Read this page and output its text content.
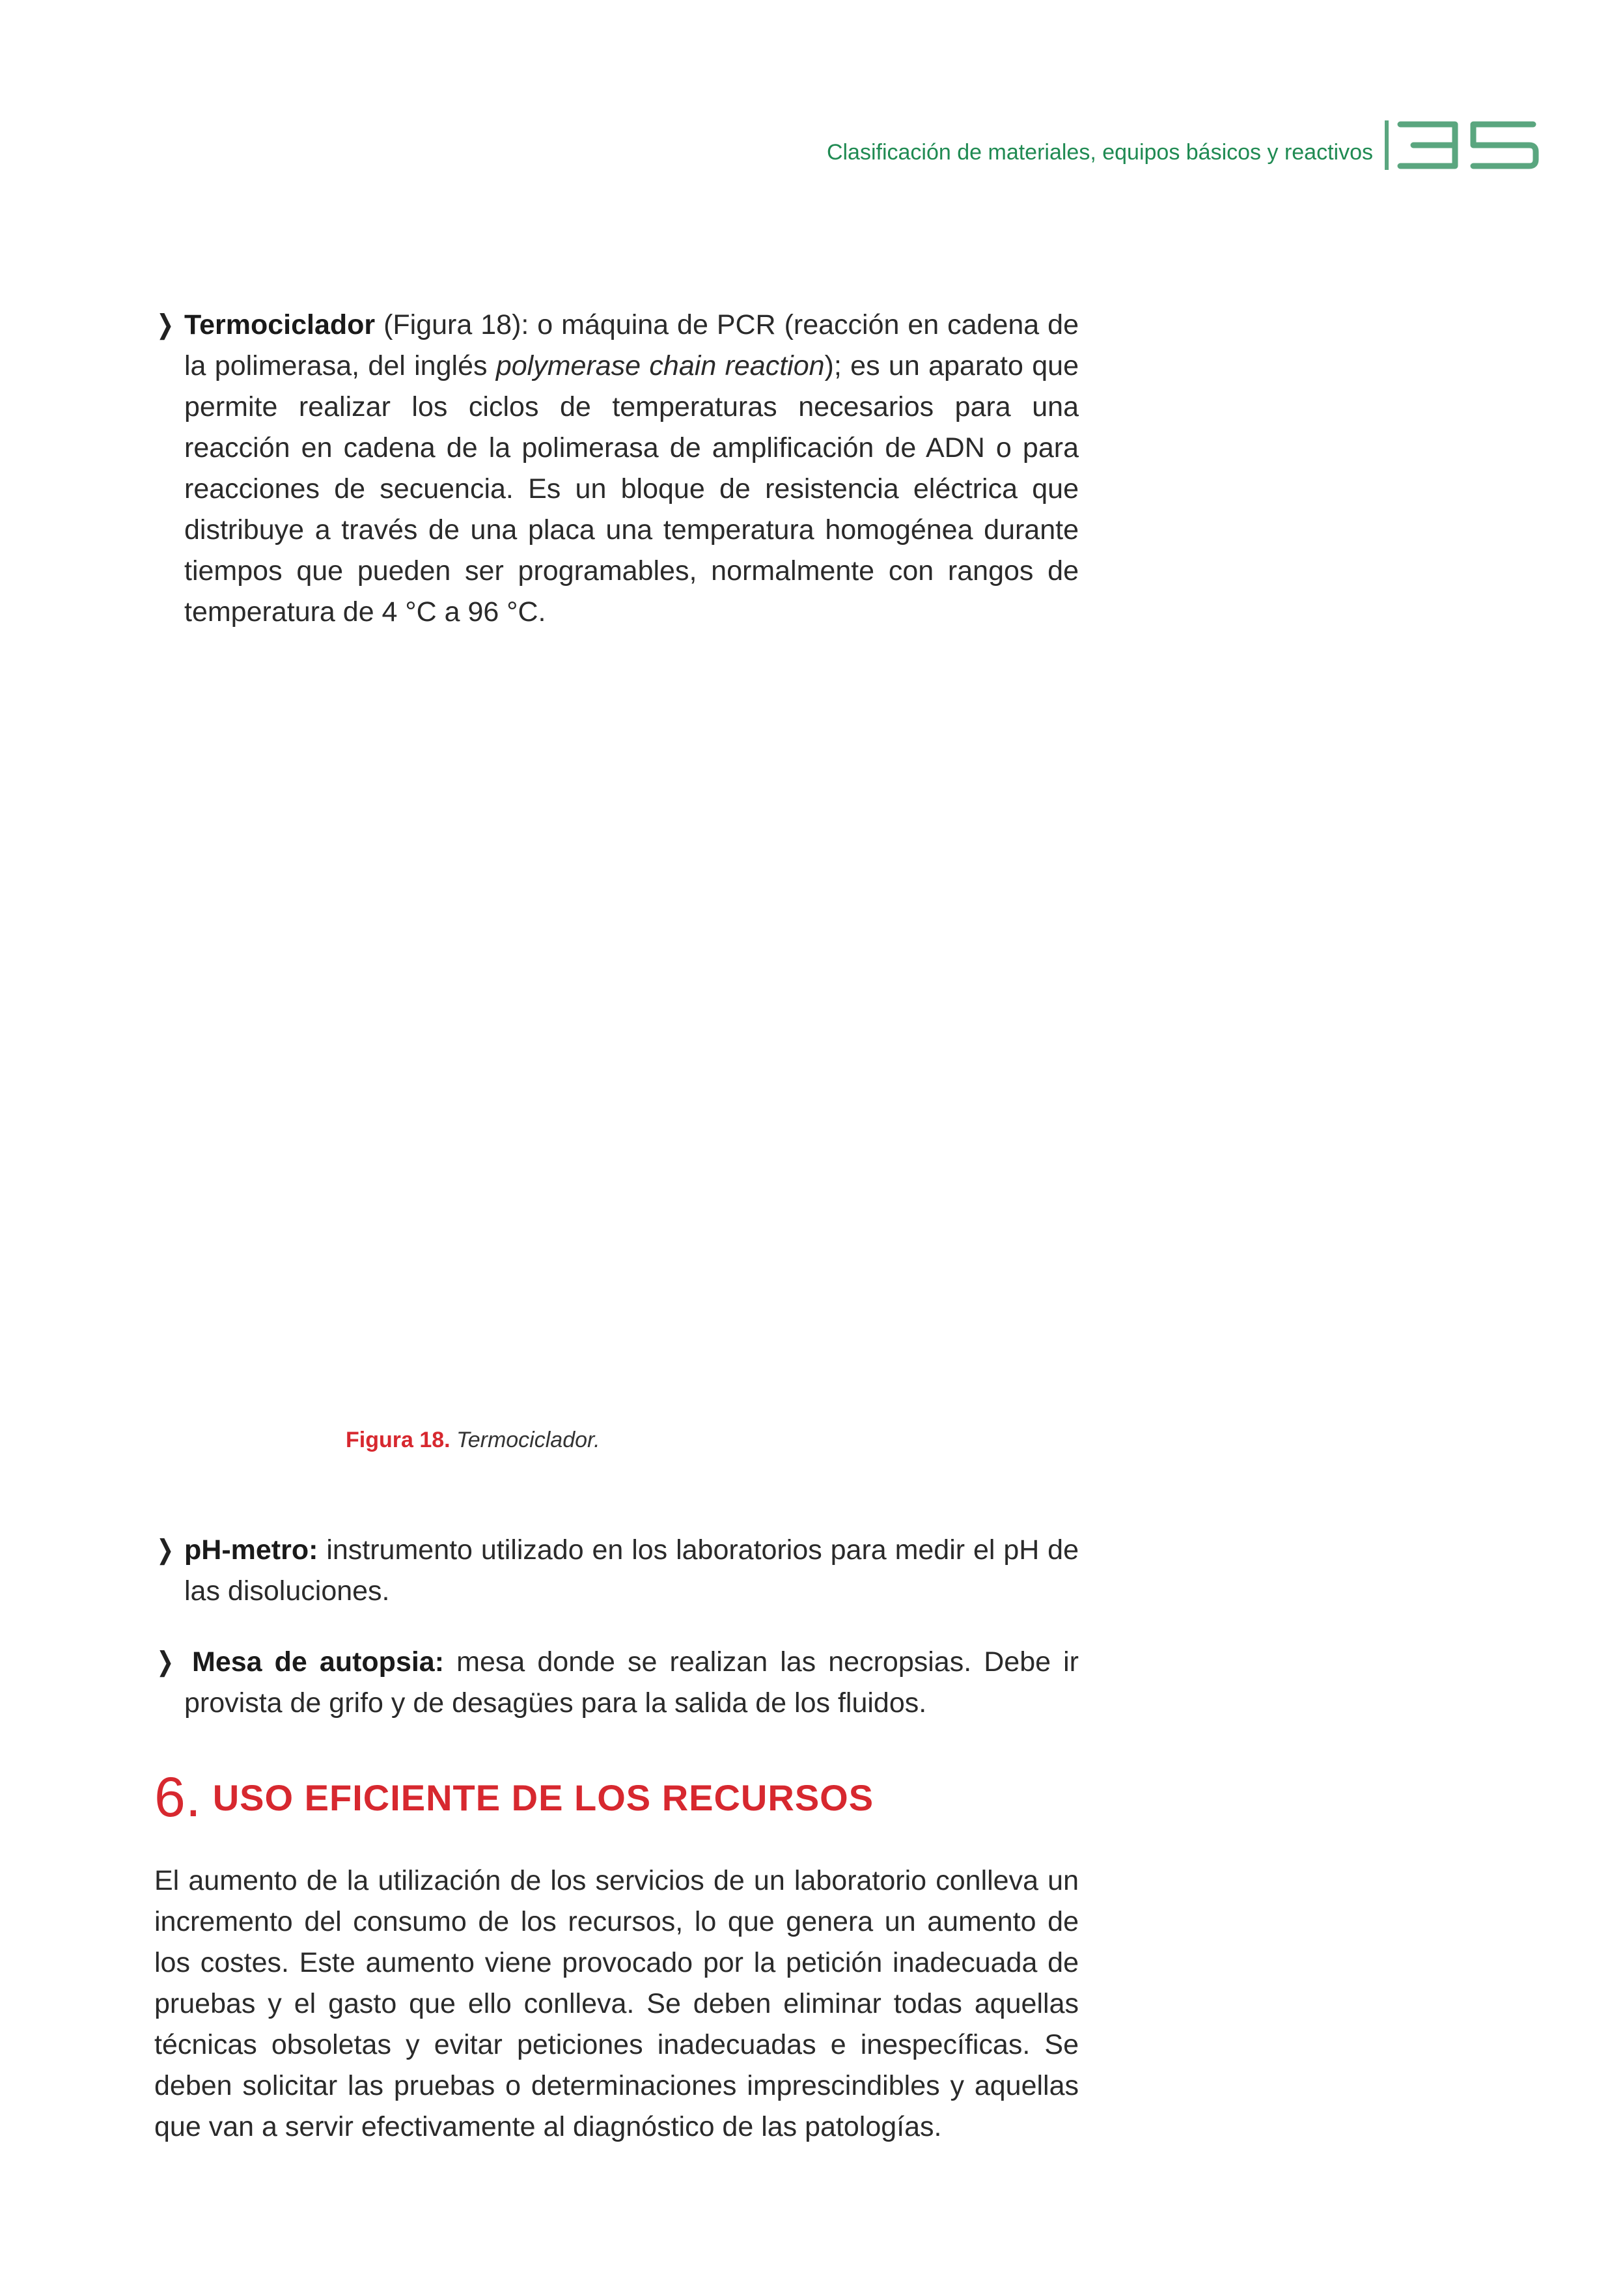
Clasificación de materiales, equipos básicos y reactivos
❭ Termociclador (Figura 18): o máquina de PCR (reacción en cadena de la polimerasa, del inglés polymerase chain reaction); es un aparato que permite realizar los ciclos de temperaturas necesarios para una reacción en cadena de la polimerasa de amplificación de ADN o para reacciones de secuencia. Es un bloque de resistencia eléctrica que distribuye a través de una placa una temperatura homogénea durante tiempos que pueden ser programables, normalmente con rangos de temperatura de 4 °C a 96 °C.
Figura 18. Termociclador.
❭ pH-metro: instrumento utilizado en los laboratorios para medir el pH de las disoluciones.
❭ Mesa de autopsia: mesa donde se realizan las necropsias. Debe ir provista de grifo y de desagües para la salida de los fluidos.
6. USO EFICIENTE DE LOS RECURSOS
El aumento de la utilización de los servicios de un laboratorio conlleva un incremento del consumo de los recursos, lo que genera un aumento de los costes. Este aumento viene provocado por la petición inadecuada de pruebas y el gasto que ello conlleva. Se deben eliminar todas aquellas técnicas obsoletas y evitar peticiones inadecuadas e inespecíficas. Se deben solicitar las pruebas o determinaciones imprescindibles y aquellas que van a servir efectivamente al diagnóstico de las patologías.
